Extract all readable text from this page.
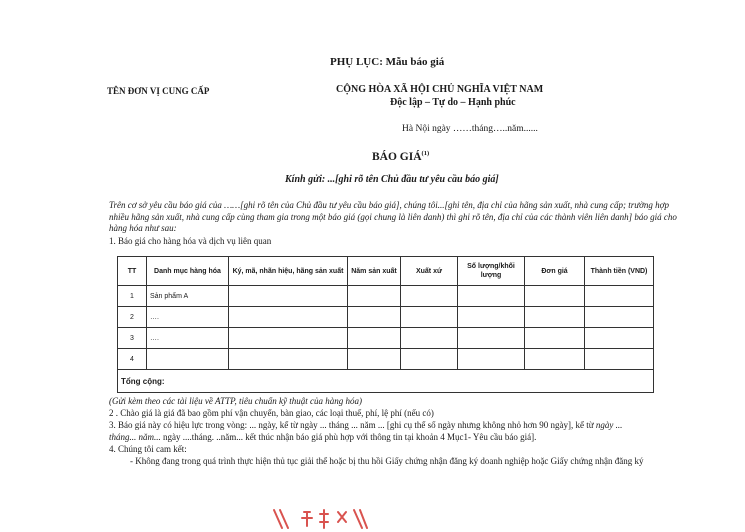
PHỤ LỤC: Mẫu báo giá
TÊN ĐƠN VỊ CUNG CẤP	CỘNG HÒA XÃ HỘI CHỦ NGHĨA VIỆT NAM
Độc lập – Tự do – Hạnh phúc
Hà Nội ngày ……tháng…..năm......
BÁO GIÁ$^{(1)}$
Kính gửi: ...[ghi rõ tên Chủ đầu tư yêu cầu báo giá]
Trên cơ sở yêu cầu báo giá của ……[ghi rõ tên của Chủ đầu tư yêu cầu báo giá], chúng tôi...[ghi tên, địa chỉ của hãng sản xuất, nhà cung cấp; trường hợp nhiều hãng sản xuất, nhà cung cấp cùng tham gia trong một báo giá (gọi chung là liên danh) thì ghi rõ tên, địa chỉ của các thành viên liên danh] báo giá cho hàng hóa như sau:
1. Báo giá cho hàng hóa và dịch vụ liên quan
TT	Danh mục hàng hóa	Ký, mã, nhãn hiệu, hãng sản xuất	Năm sản xuất	Xuất xứ	Số lượng/khối lượng	Đơn giá	Thành tiền (VND)
1	Sản phẩm A						
2	….						
3	….						
4							
Tổng cộng:							
(Gửi kèm theo các tài liệu về ATTP, tiêu chuẩn kỹ thuật của hàng hóa)
2 . Chào giá là giá đã bao gồm phí vận chuyển, bàn giao, các loại thuế, phí, lệ phí (nếu có)
3. Báo giá này có hiệu lực trong vòng: ... ngày, kể từ ngày ... tháng ... năm ... [ghi cụ thể số ngày nhưng không nhỏ hơn 90 ngày], kể từ ngày ...
tháng... năm... ngày ....tháng. ..năm... kết thúc nhận báo giá phù hợp với thông tin tại khoản 4 Mục1- Yêu cầu báo giá].
4. Chúng tôi cam kết:
- Không đang trong quá trình thực hiện thủ tục giải thể hoặc bị thu hồi Giấy chứng nhận đăng ký doanh nghiệp hoặc Giấy chứng nhận đăng ký
